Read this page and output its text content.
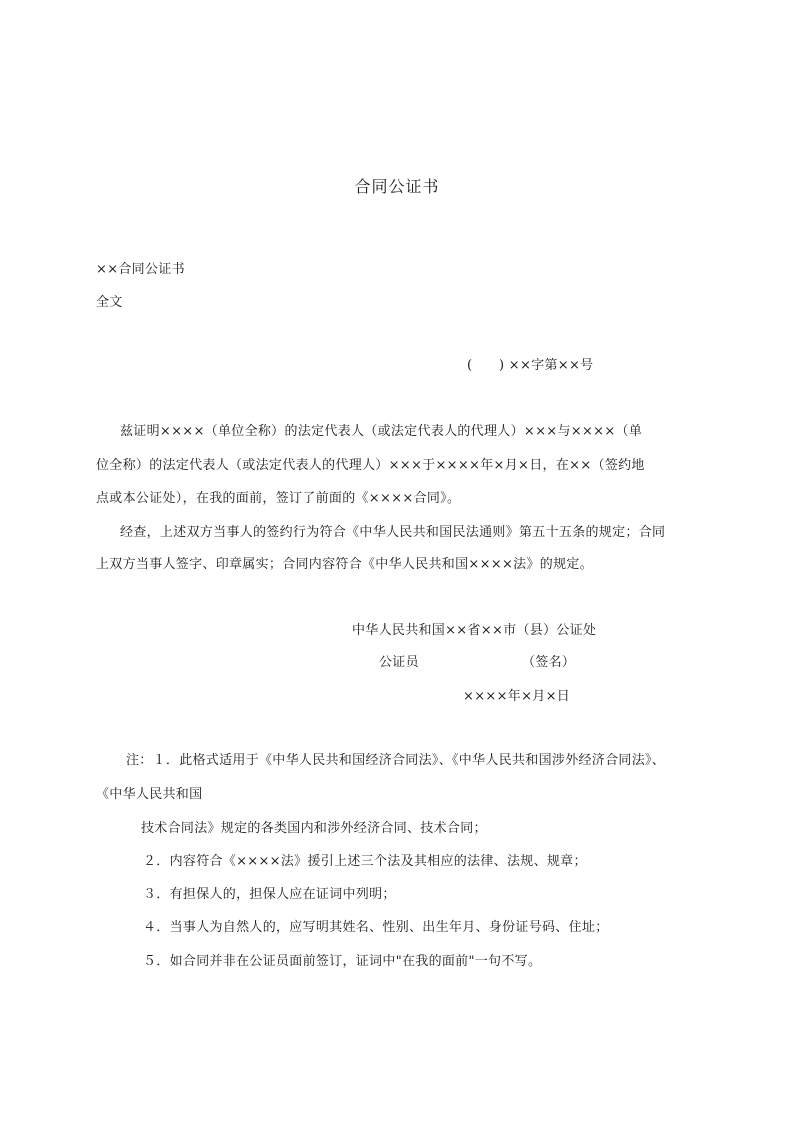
合同公证书
××合同公证书
全文
(　　) ××字第××号
兹证明××××（单位全称）的法定代表人（或法定代表人的代理人）×××与××××（单
位全称）的法定代表人（或法定代表人的代理人）×××于××××年×月×日，在××（签约地
点或本公证处），在我的面前，签订了前面的《××××合同》。
经查，上述双方当事人的签约行为符合《中华人民共和国民法通则》第五十五条的规定；合同
上双方当事人签字、印章属实；合同内容符合《中华人民共和国××××法》的规定。
中华人民共和国××省××市（县）公证处
公证员	（签名）
××××年×月×日
注：１．此格式适用于《中华人民共和国经济合同法》、《中华人民共和国涉外经济合同法》、
《中华人民共和国
技术合同法》规定的各类国内和涉外经济合同、技术合同；
２．内容符合《××××法》援引上述三个法及其相应的法律、法规、规章；
３．有担保人的，担保人应在证词中列明；
４．当事人为自然人的，应写明其姓名、性别、出生年月、身份证号码、住址；
５．如合同并非在公证员面前签订，证词中"在我的面前"一句不写。
